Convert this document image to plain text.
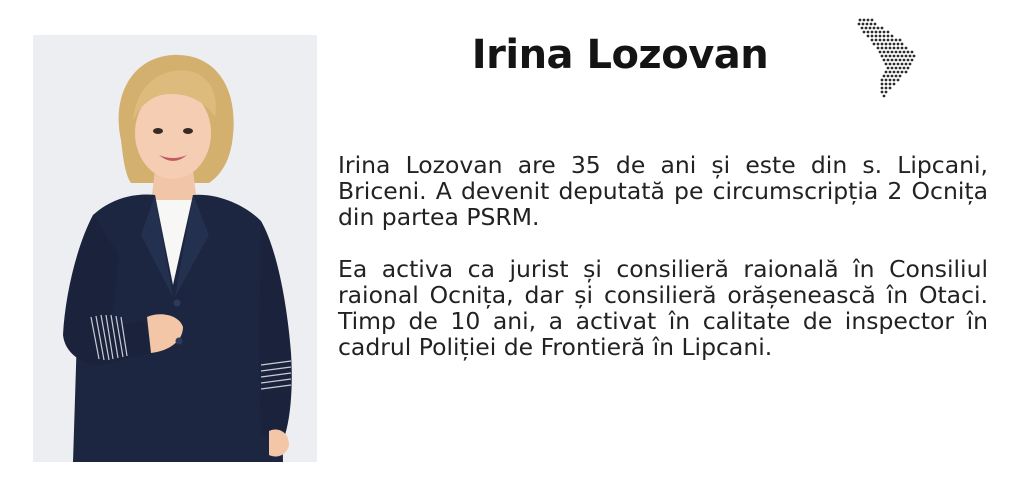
Irina Lozovan

Irina Lozovan are 35 de ani și este din s. Lipcani, Briceni. A devenit deputată pe circumscripția 2 Ocnița din partea PSRM.

Ea activa ca jurist și consilieră raională în Consiliul raional Ocnița, dar și consilieră orășenească în Otaci. Timp de 10 ani, a activat în calitate de inspector în cadrul Poliției de Frontieră în Lipcani.
